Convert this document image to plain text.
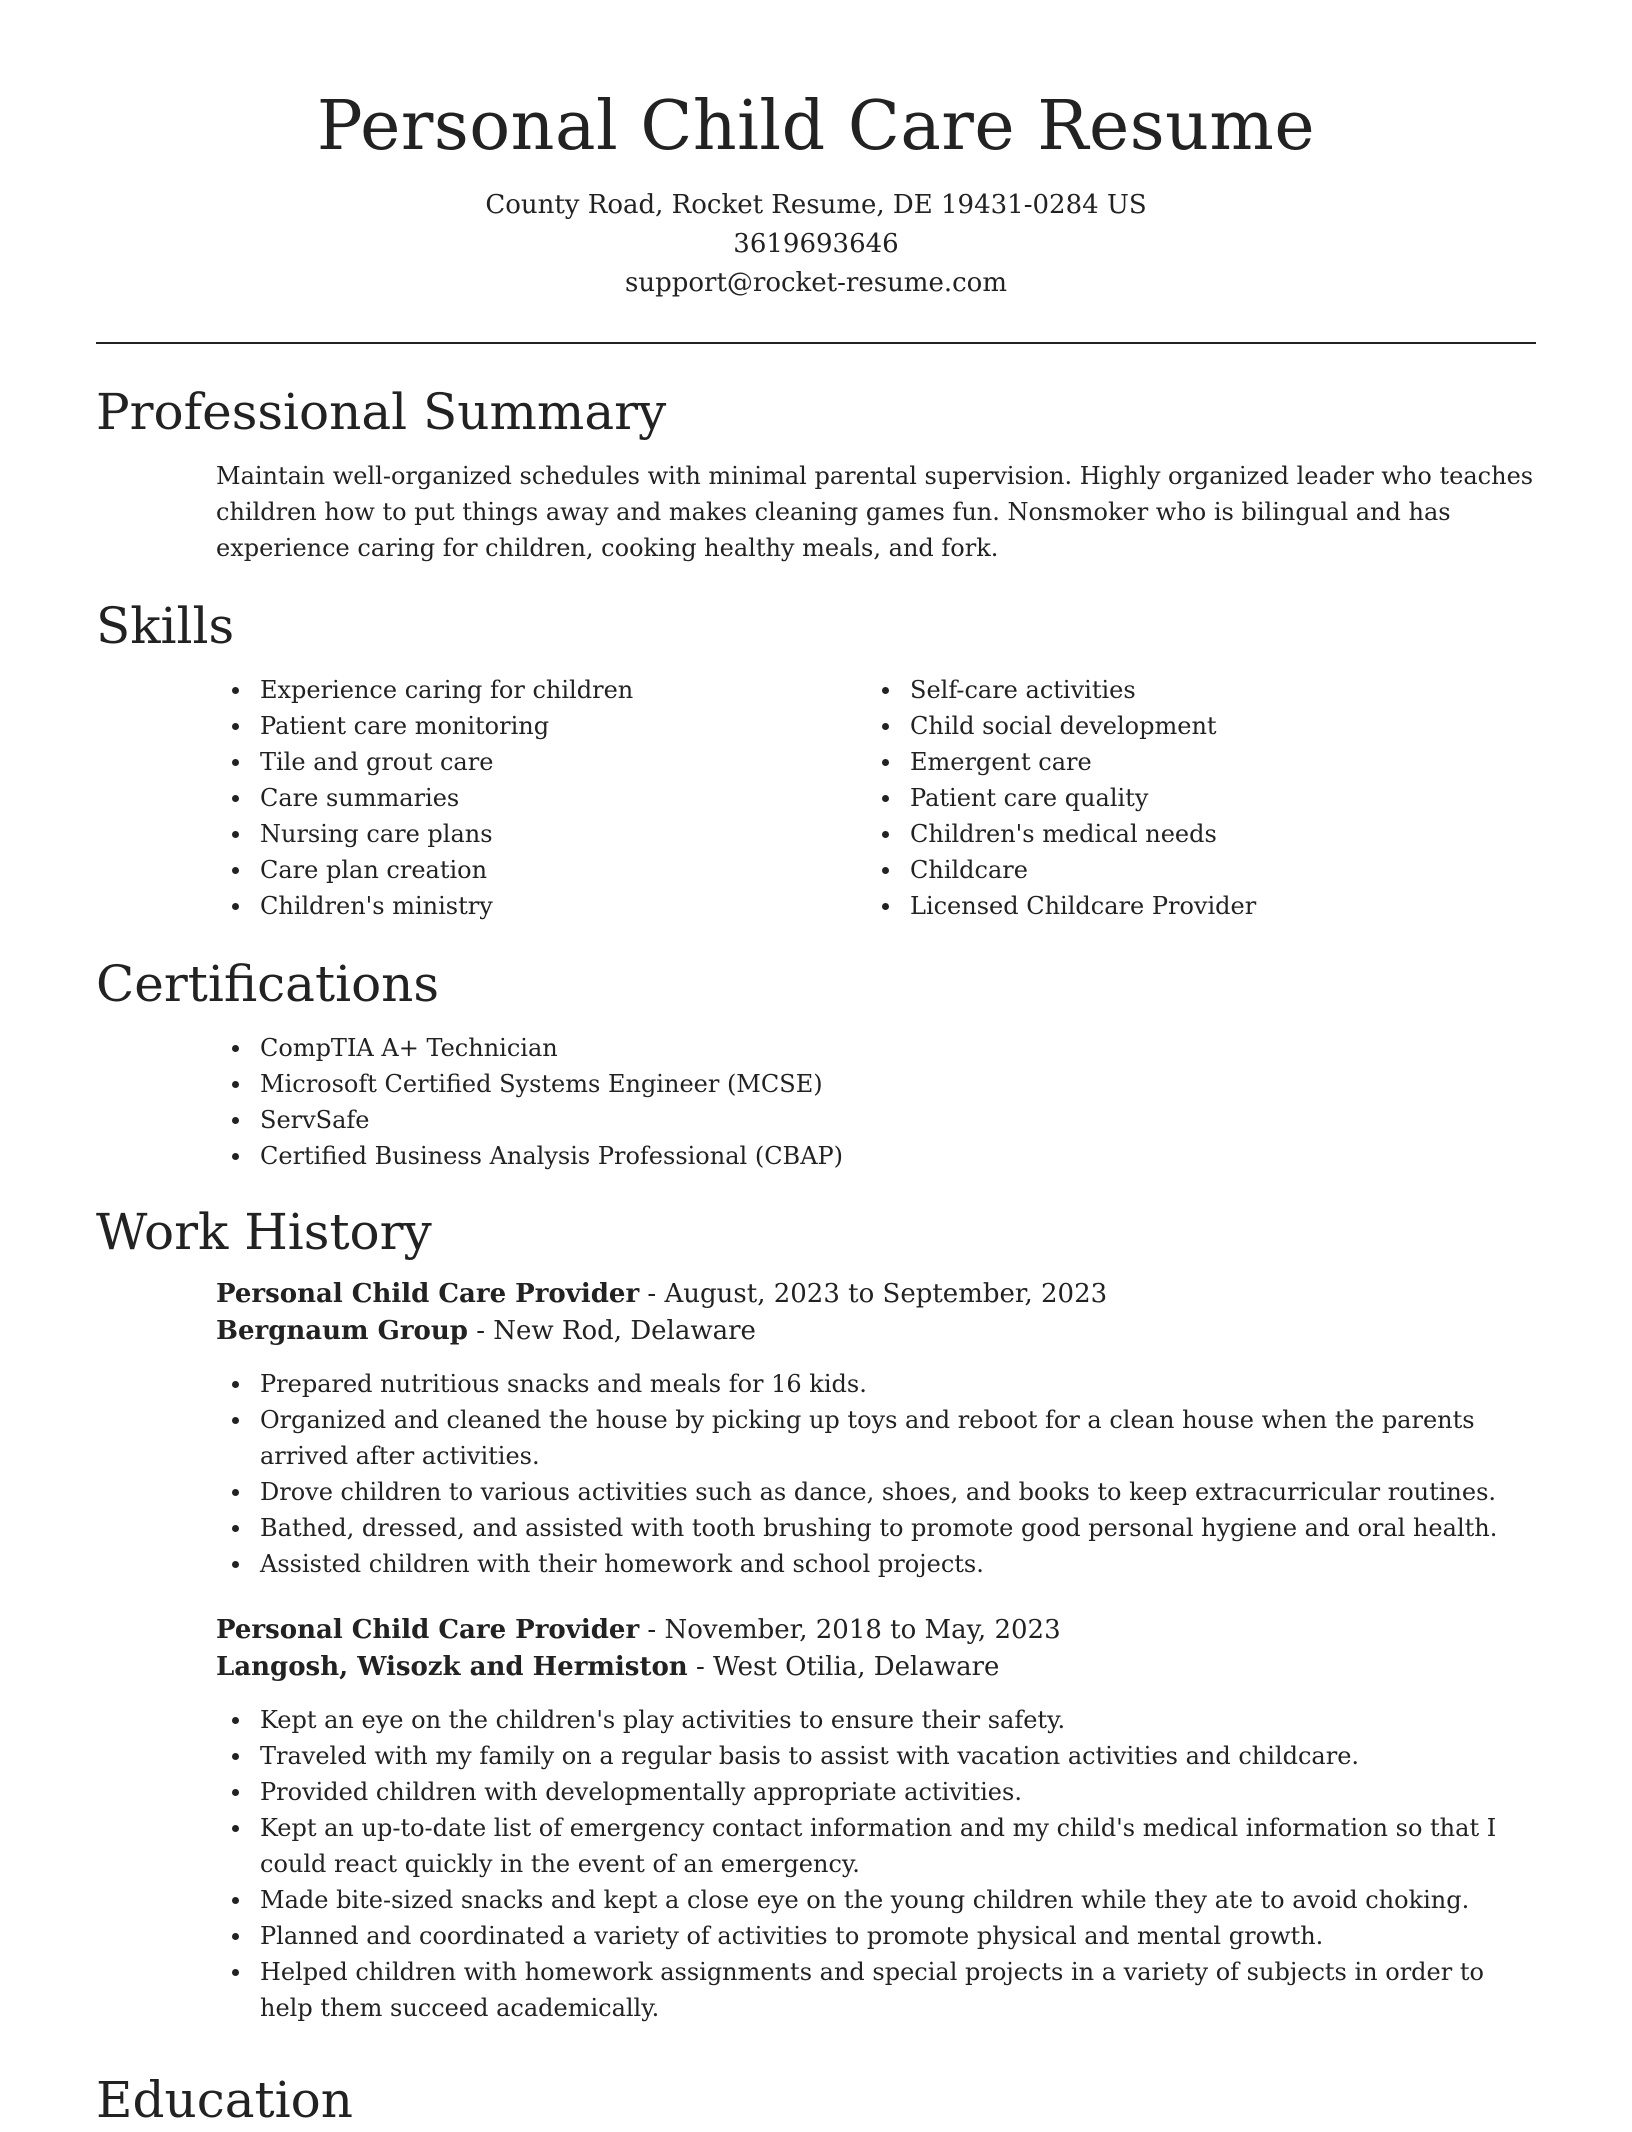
Personal Child Care Resume
County Road, Rocket Resume, DE 19431-0284 US
3619693646
support@rocket-resume.com
Professional Summary

Maintain well-organized schedules with minimal parental supervision. Highly organized leader who teaches children how to put things away and makes cleaning games fun. Nonsmoker who is bilingual and has experience caring for children, cooking healthy meals, and fork.

Skills
Experience caring for children
Patient care monitoring
Tile and grout care
Care summaries
Nursing care plans
Care plan creation
Children's ministry
Self-care activities
Child social development
Emergent care
Patient care quality
Children's medical needs
Childcare
Licensed Childcare Provider
Certifications
CompTIA A+ Technician
Microsoft Certified Systems Engineer (MCSE)
ServSafe
Certified Business Analysis Professional (CBAP)
Work History
Personal Child Care Provider - August, 2023 to September, 2023
Bergnaum Group - New Rod, Delaware
Prepared nutritious snacks and meals for 16 kids.
Organized and cleaned the house by picking up toys and reboot for a clean house when the parents arrived after activities.
Drove children to various activities such as dance, shoes, and books to keep extracurricular routines.
Bathed, dressed, and assisted with tooth brushing to promote good personal hygiene and oral health.
Assisted children with their homework and school projects.
Personal Child Care Provider - November, 2018 to May, 2023
Langosh, Wisozk and Hermiston - West Otilia, Delaware
Kept an eye on the children's play activities to ensure their safety.
Traveled with my family on a regular basis to assist with vacation activities and childcare.
Provided children with developmentally appropriate activities.
Kept an up-to-date list of emergency contact information and my child's medical information so that I could react quickly in the event of an emergency.
Made bite-sized snacks and kept a close eye on the young children while they ate to avoid choking.
Planned and coordinated a variety of activities to promote physical and mental growth.
Helped children with homework assignments and special projects in a variety of subjects in order to help them succeed academically.
Education
